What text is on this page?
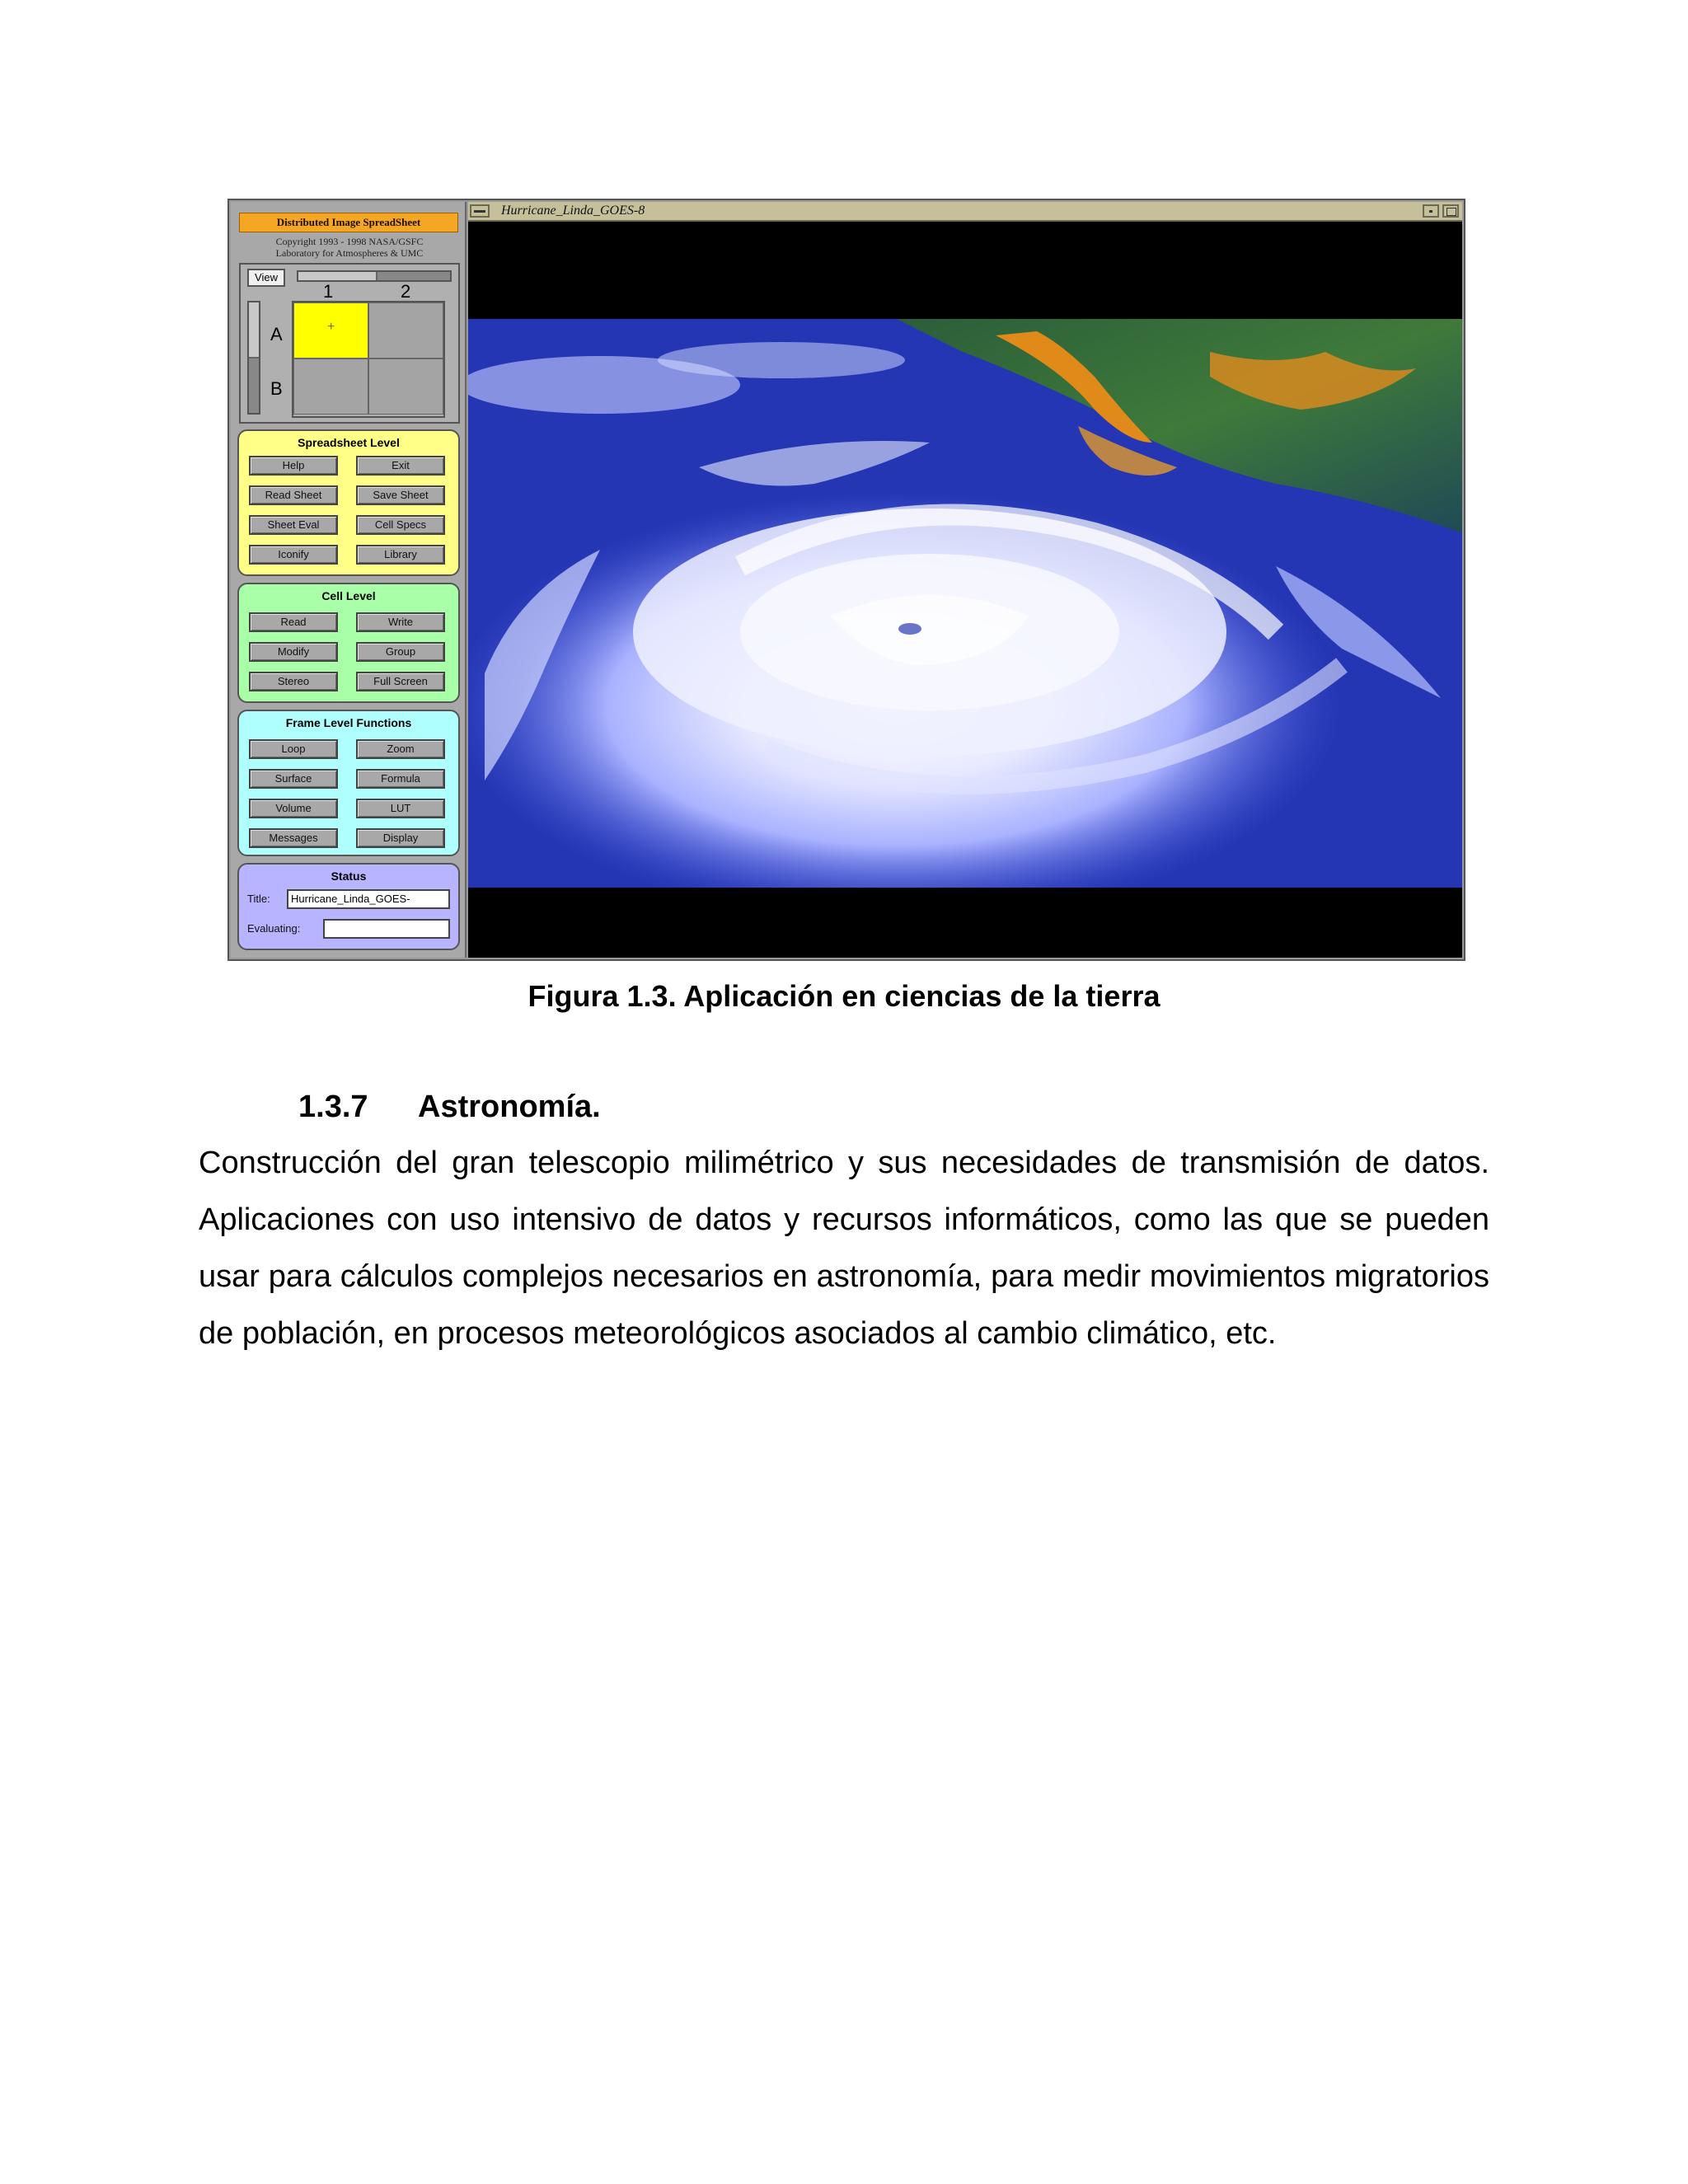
Distributed Image SpreadSheet
Copyright 1993 - 1998 NASA/GSFC
Laboratory for Atmospheres & UMC
View
1	2
A
B
+
Spreadsheet Level
Help	Exit
Read Sheet	Save Sheet
Sheet Eval	Cell Specs
Iconify	Library
Cell Level
Read	Write
Modify	Group
Stereo	Full Screen
Frame Level Functions
Loop	Zoom
Surface	Formula
Volume	LUT
Messages	Display
Status
Title:	Hurricane_Linda_GOES-
Evaluating:
Hurricane_Linda_GOES-8
Figura 1.3. Aplicación en ciencias de la tierra
1.3.7 Astronomía.
Construcción del gran telescopio milimétrico y sus necesidades de transmisión de datos. Aplicaciones con uso intensivo de datos y recursos informáticos, como las que se pueden usar para cálculos complejos necesarios en astronomía, para medir movimientos migratorios de población, en procesos meteorológicos asociados al cambio climático, etc.
